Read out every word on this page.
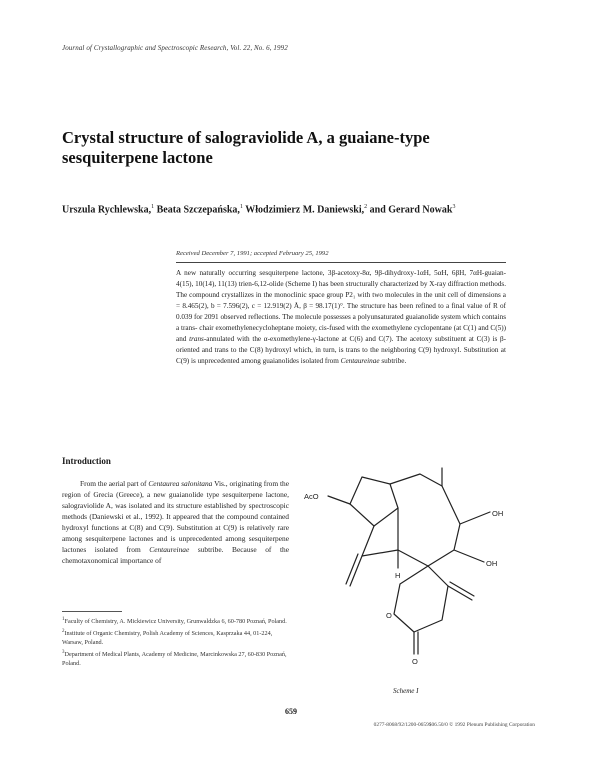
Journal of Crystallographic and Spectroscopic Research, Vol. 22, No. 6, 1992
Crystal structure of salograviolide A, a guaiane-type sesquiterpene lactone
Urszula Rychlewska,$^1$ Beata Szczepańska,$^1$ Włodzimierz M. Daniewski,$^2$ and Gerard Nowak$^3$
Received December 7, 1991; accepted February 25, 1992
A new naturally occurring sesquiterpene lactone, 3β-acetoxy-8α, 9β-dihydroxy-1αH, 5αH, 6βH, 7αH-guaian-4(15), 10(14), 11(13) trien-6,12-olide (Scheme I) has been structurally characterized by X-ray diffraction methods. The compound crystallizes in the monoclinic space group P2₁ with two molecules in the unit cell of dimensions a = 8.465(2), b = 7.596(2), c = 12.919(2) Å, β = 98.17(1)°. The structure has been refined to a final value of R of 0.039 for 2091 observed reflections. The molecule possesses a polyunsaturated guaianolide system which contains a trans- chair exomethylenecycloheptane moiety, cis-fused with the exomethylene cyclopentane (at C(1) and C(5)) and trans-annulated with the α-exomethylene-γ-lactone at C(6) and C(7). The acetoxy substituent at C(3) is β-oriented and trans to the C(8) hydroxyl which, in turn, is trans to the neighboring C(9) hydroxyl. Substitution at C(9) is unprecedented among guaianolides isolated from Centaureinae subtribe.
Introduction
From the aerial part of Centaurea salonitana Vis., originating from the region of Grecia (Greece), a new guaianolide type sesquiterpene lactone, salograviolide A, was isolated and its structure established by spectroscopic methods (Daniewski et al., 1992). It appeared that the compound contained hydroxyl functions at C(8) and C(9). Substitution at C(9) is relatively rare among sesquiterpene lactones and is unprecedented among sesquiterpene lactones isolated from Centaureinae subtribe. Because of the chemotaxonomical importance of

$^1$Faculty of Chemistry, A. Mickiewicz University, Grunwaldzka 6, 60-780 Poznań, Poland.

$^2$Institute of Organic Chemistry, Polish Academy of Sciences, Kasprzaka 44, 01-224, Warsaw, Poland.

$^3$Department of Medical Plants, Academy of Medicine, Marcinkowska 27, 60-830 Poznań, Poland.

AcO
OH
OH
H
O
O
Scheme I
659
0277-8068/92/1200-0659$06.50/0 © 1992 Plenum Publishing Corporation
